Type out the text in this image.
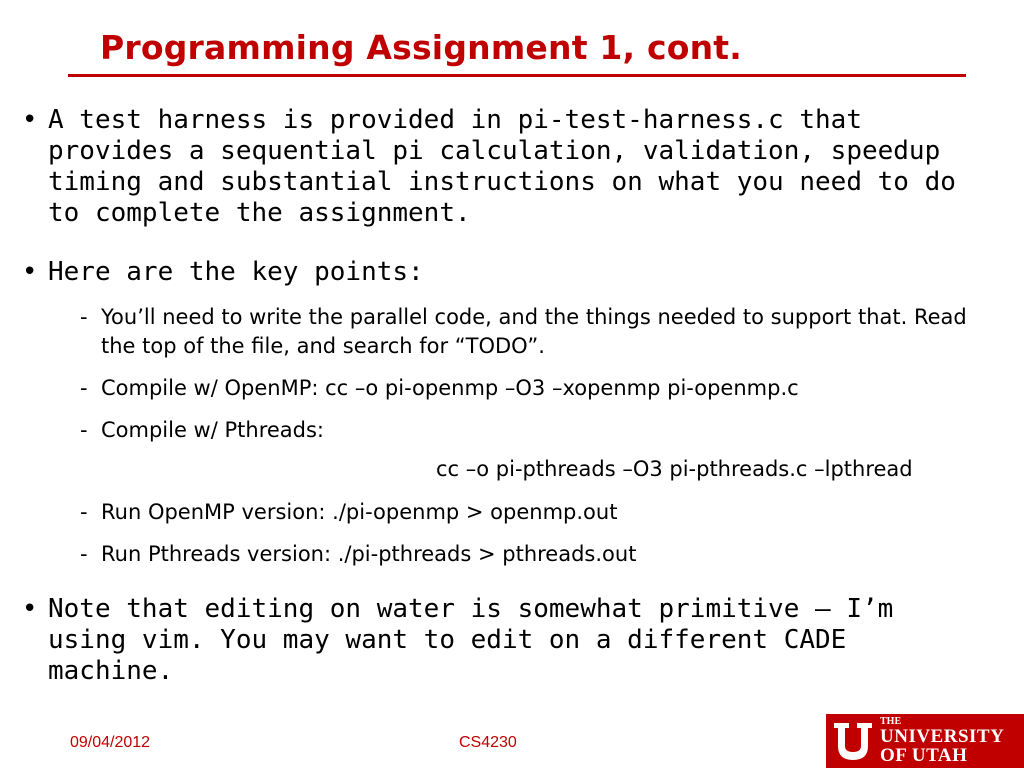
Programming Assignment 1, cont.
• A test harness is provided in pi-test-harness.c that provides a sequential pi calculation, validation, speedup timing and substantial instructions on what you need to do to complete the assignment.
• Here are the key points:
- You’ll need to write the parallel code, and the things needed to support that. Read the top of the file, and search for “TODO”.
- Compile w/ OpenMP: cc –o pi-openmp –O3 –xopenmp pi-openmp.c
- Compile w/ Pthreads:
cc –o pi-pthreads –O3 pi-pthreads.c –lpthread
- Run OpenMP version: ./pi-openmp > openmp.out
- Run Pthreads version: ./pi-pthreads > pthreads.out
• Note that editing on water is somewhat primitive – I’m using vim. You may want to edit on a different CADE machine.
09/04/2012	CS4230
THE
UNIVERSITY
OF UTAH
